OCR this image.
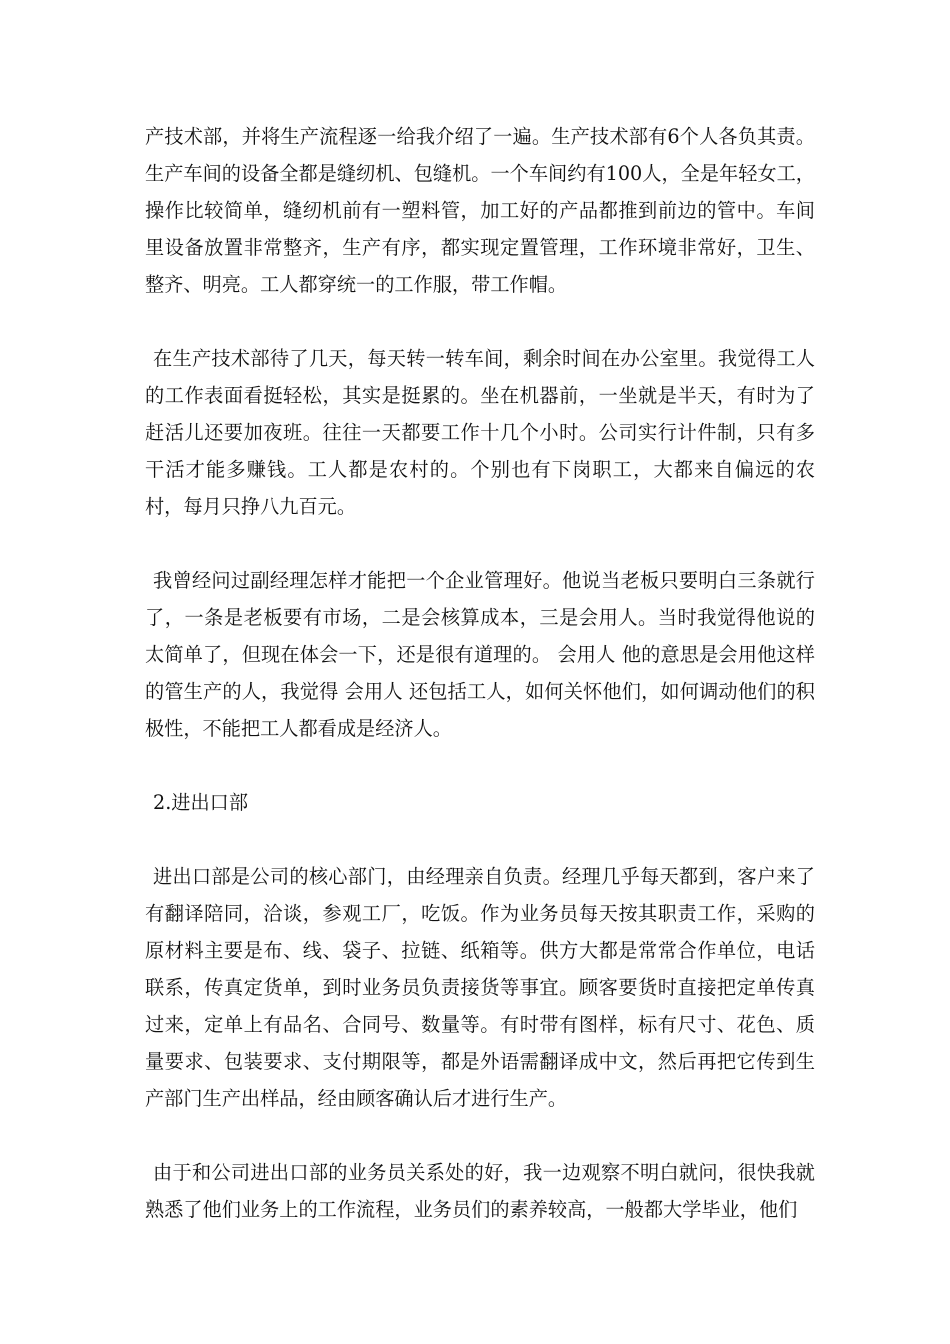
产技术部，并将生产流程逐一给我介绍了一遍。生产技术部有6个人各负其责。生产车间的设备全都是缝纫机、包缝机。一个车间约有100人，全是年轻女工，操作比较简单，缝纫机前有一塑料管，加工好的产品都推到前边的管中。车间里设备放置非常整齐，生产有序，都实现定置管理，工作环境非常好，卫生、整齐、明亮。工人都穿统一的工作服，带工作帽。

在生产技术部待了几天，每天转一转车间，剩余时间在办公室里。我觉得工人的工作表面看挺轻松，其实是挺累的。坐在机器前，一坐就是半天，有时为了赶活儿还要加夜班。往往一天都要工作十几个小时。公司实行计件制，只有多干活才能多赚钱。工人都是农村的。个别也有下岗职工，大都来自偏远的农村，每月只挣八九百元。

我曾经问过副经理怎样才能把一个企业管理好。他说当老板只要明白三条就行了，一条是老板要有市场，二是会核算成本，三是会用人。当时我觉得他说的太简单了，但现在体会一下，还是很有道理的。 会用人 他的意思是会用他这样的管生产的人，我觉得 会用人 还包括工人，如何关怀他们，如何调动他们的积极性，不能把工人都看成是经济人。

2.进出口部

进出口部是公司的核心部门，由经理亲自负责。经理几乎每天都到，客户来了有翻译陪同，洽谈，参观工厂，吃饭。作为业务员每天按其职责工作，采购的原材料主要是布、线、袋子、拉链、纸箱等。供方大都是常常合作单位，电话联系，传真定货单，到时业务员负责接货等事宜。顾客要货时直接把定单传真过来，定单上有品名、合同号、数量等。有时带有图样，标有尺寸、花色、质量要求、包装要求、支付期限等，都是外语需翻译成中文，然后再把它传到生产部门生产出样品，经由顾客确认后才进行生产。

由于和公司进出口部的业务员关系处的好，我一边观察不明白就问，很快我就熟悉了他们业务上的工作流程，业务员们的素养较高，一般都大学毕业，他们
